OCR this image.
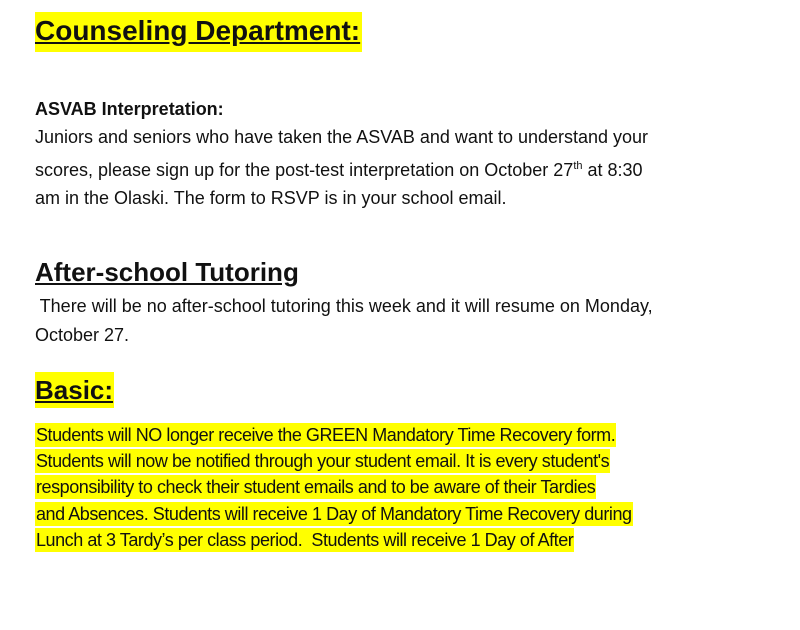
Counseling Department:
ASVAB Interpretation:
Juniors and seniors who have taken the ASVAB and want to understand your
scores, please sign up for the post-test interpretation on October 27th at 8:30
am in the Olaski. The form to RSVP is in your school email.
After-school Tutoring
There will be no after-school tutoring this week and it will resume on Monday,
October 27.
Basic:
Students will NO longer receive the GREEN Mandatory Time Recovery form.
Students will now be notified through your student email. It is every student's
responsibility to check their student emails and to be aware of their Tardies
and Absences. Students will receive 1 Day of Mandatory Time Recovery during
Lunch at 3 Tardy’s per class period.  Students will receive 1 Day of After
